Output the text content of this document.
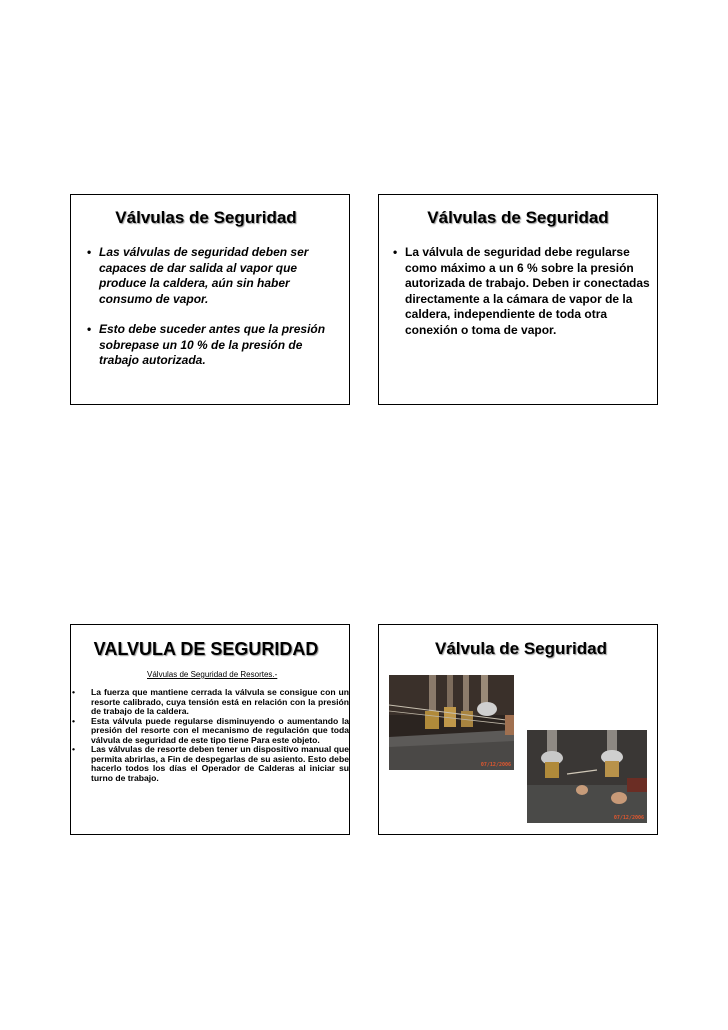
Válvulas de Seguridad
• Las válvulas de seguridad deben ser capaces de dar salida al vapor que produce la caldera, aún sin haber consumo de vapor.
• Esto debe suceder antes que la presión sobrepase un 10 % de la presión de trabajo autorizada.
Válvulas de Seguridad
• La válvula de seguridad debe regularse como máximo a un 6 % sobre la presión autorizada de trabajo. Deben ir conectadas directamente a la cámara de vapor de la caldera, independiente de toda otra conexión o toma de vapor.
VALVULA DE SEGURIDAD
Válvulas de Seguridad de Resortes.-
• La fuerza que mantiene cerrada la válvula se consigue con un resorte calibrado, cuya tensión está en relación con la presión de trabajo de la caldera.
• Esta válvula puede regularse disminuyendo o aumentando la presión del resorte con el mecanismo de regulación que toda válvula de seguridad de este tipo tiene Para este objeto.
• Las válvulas de resorte deben tener un dispositivo manual que permita abrirlas, a Fin de despegarlas de su asiento. Esto debe hacerlo todos los días el Operador de Calderas al iniciar su turno de trabajo.
Válvula de Seguridad
07/12/2006
07/12/2006
